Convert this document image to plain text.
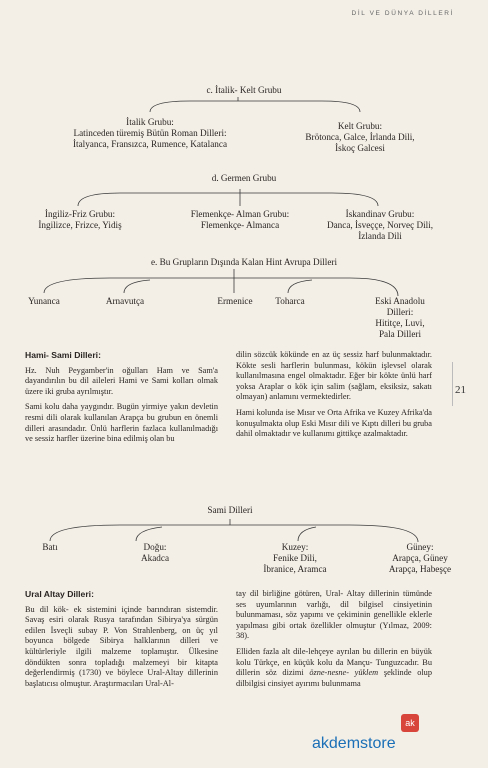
DİL VE DÜNYA DİLLERİ
21
c. İtalik- Kelt Grubu
İtalik Grubu:
Latinceden türemiş Bütün Roman Dilleri:
İtalyanca, Fransızca, Rumence, Katalanca
Kelt Grubu:
Brötonca, Galce, İrlanda Dili,
İskoç Galcesi
d. Germen Grubu
İngiliz-Friz Grubu:
İngilizce, Frizce, Yidiş
Flemenkçe- Alman Grubu:
Flemenkçe- Almanca
İskandinav Grubu:
Danca, İsveççe, Norveç Dili,
İzlanda Dili
e. Bu Grupların Dışında Kalan Hint Avrupa Dilleri
Yunanca	Arnavutça	Ermenice	Toharca	Eski Anadolu
Dilleri:
Hititçe, Luvi,
Pala Dilleri

Hami- Sami Dilleri:

Hz. Nuh Peygamber'in oğulları Ham ve Sam'a dayandırılın bu dil aileleri Hami ve Sami kolları olmak üzere iki gruba ayrılmıştır.

Sami kolu daha yaygındır. Bugün yirmiye yakın devletin resmi dili olarak kullanılan Arapça bu grubun en önemli dilleri arasındadır. Ünlü harflerin fazlaca kullanılmadığı ve sessiz harfler üzerine bina edilmiş olan bu

dilin sözcük kökünde en az üç sessiz harf bulunmaktadır. Kökte sesli harflerin bulunması, kökün işlevsel olarak kullanılmasına engel olmaktadır. Eğer bir kökte ünlü harf yoksa Araplar o kök için salim (sağlam, eksiksiz, sakatı olmayan) anlamını vermektedirler.

Hami kolunda ise Mısır ve Orta Afrika ve Kuzey Afrika'da konuşulmakta olup Eski Mısır dili ve Kıptı dilleri bu gruba dahil olmaktadır ve kullanımı gittikçe azalmaktadır.

Sami Dilleri
Batı	Doğu:
Akadca
Kuzey:
Fenike Dili,
İbranice, Aramca
Güney:
Arapça, Güney
Arapça, Habeşçe

Ural Altay Dilleri:

Bu dil kök- ek sistemini içinde barındıran sistemdir. Savaş esiri olarak Rusya tarafından Sibirya'ya sürgün edilen İsveçli subay P. Von Strahlenberg, on üç yıl boyunca bölgede Sibirya halklarının dilleri ve kültürleriyle ilgili malzeme toplamıştır. Ülkesine döndükten sonra topladığı malzemeyi bir kitapta değerlendirmiş (1730) ve böylece Ural-Altay dillerinin başlatıcısı olmuştur. Araştırmacıları Ural-Al-

tay dil birliğine götüren, Ural- Altay dillerinin tümünde ses uyumlarının varlığı, dil bilgisel cinsiyetinin bulunmaması, söz yapımı ve çekiminin genellikle eklerle yapılması gibi ortak özellikler olmuştur (Yılmaz, 2009: 38).

Elliden fazla alt dile-lehçeye ayrılan bu dillerin en büyük kolu Türkçe, en küçük kolu da Mançu- Tunguzcadır. Bu dillerin söz dizimi özne-nesne- yüklem şeklinde olup dilbilgisi cinsiyet ayırımı bulunmama

ak
akdemstore
